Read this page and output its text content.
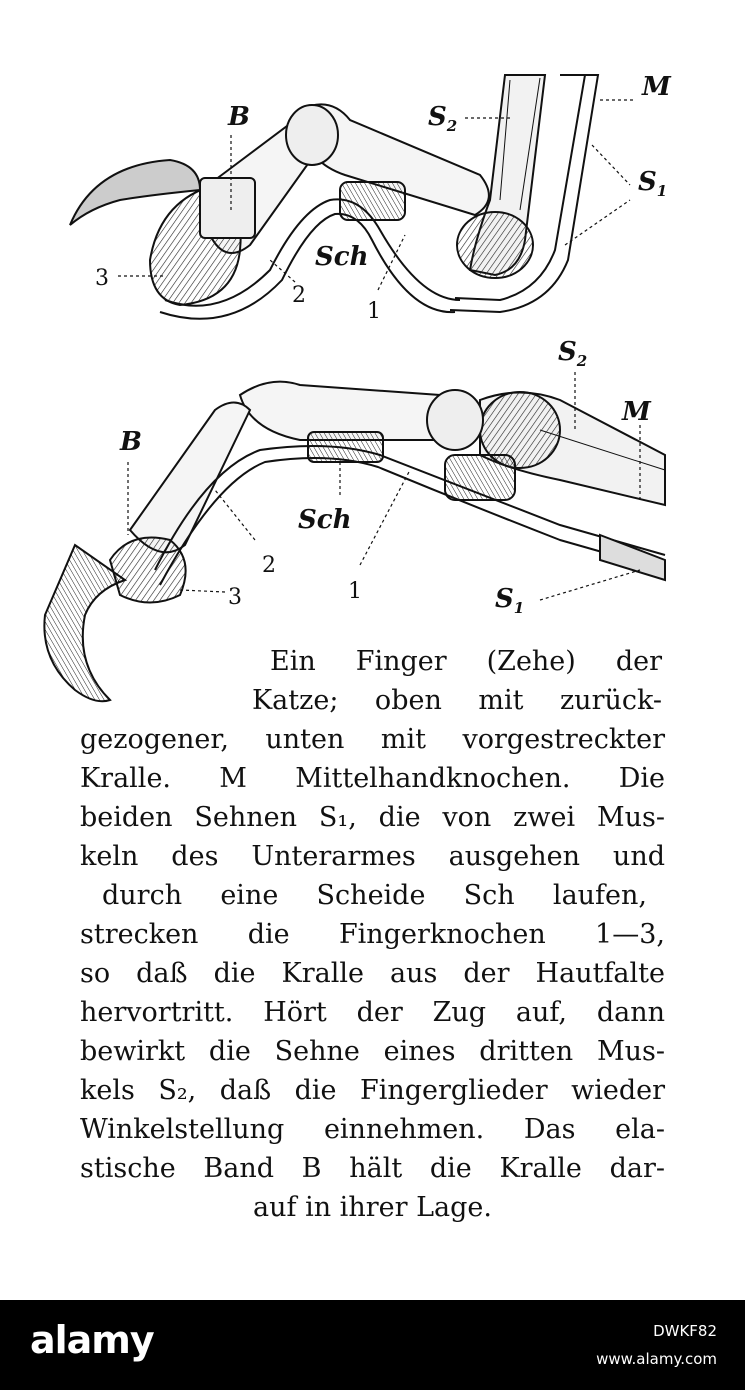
B	$S_2$
M
$S_1$
Sch
3
2
1
B
$S_2$
M
Sch
2
1
3	$S_1$
Ein Finger (Zehe) der
Katze; oben mit zurück-
gezogener, unten mit vorgestreckter
Kralle. M Mittelhandknochen. Die
beiden Sehnen S₁, die von zwei Mus-
keln des Unterarmes ausgehen und
durch eine Scheide Sch laufen,
strecken die Fingerknochen 1—3,
so daß die Kralle aus der Hautfalte
hervortritt. Hört der Zug auf, dann
bewirkt die Sehne eines dritten Mus-
kels S₂, daß die Fingerglieder wieder
Winkelstellung einnehmen. Das ela-
stische Band B hält die Kralle dar-
auf in ihrer Lage.
alamy	DWKF82
www.alamy.com
